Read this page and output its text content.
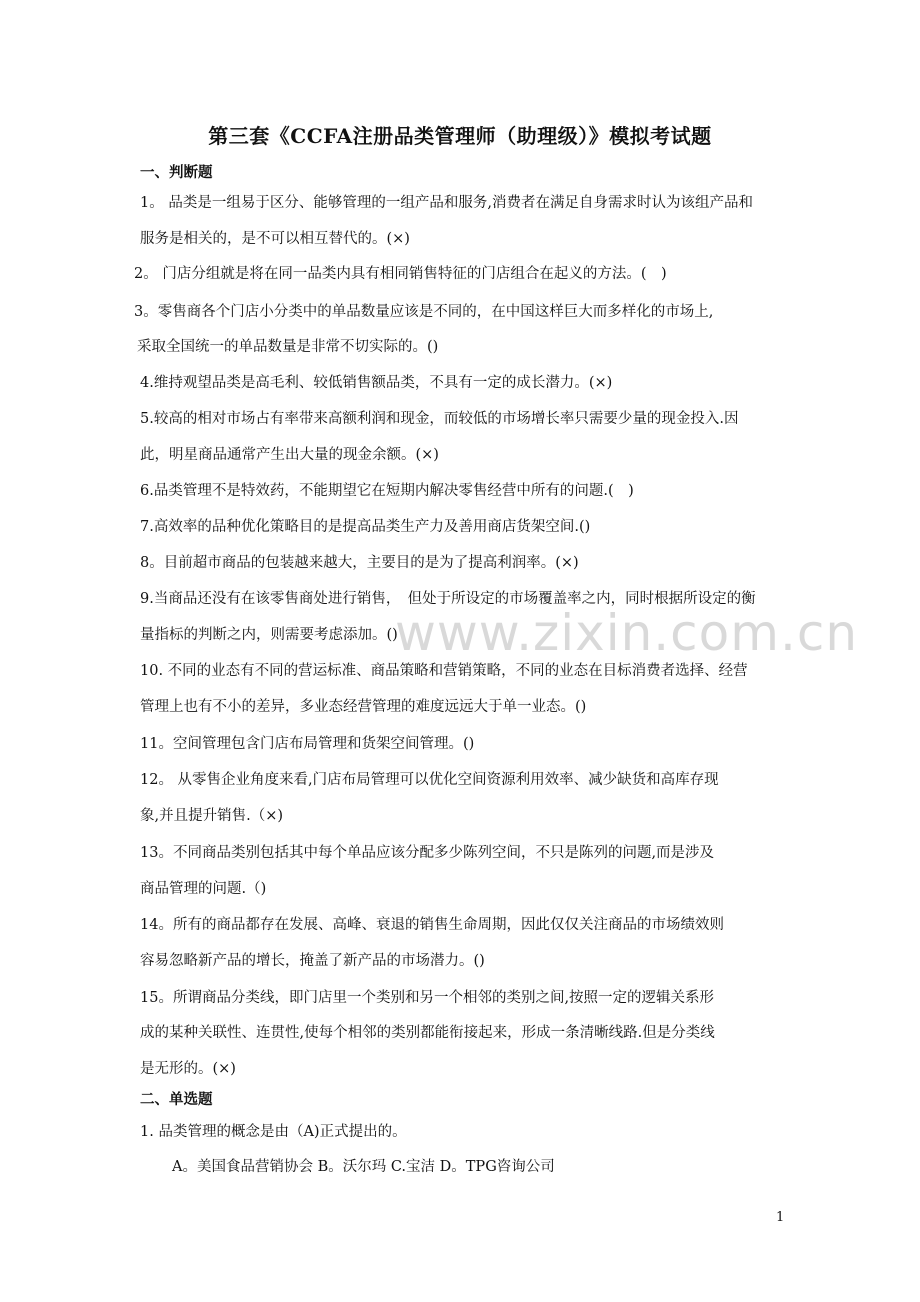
第三套《CCFA注册品类管理师（助理级）》模拟考试题
一、判断题
1。 品类是一组易于区分、能够管理的一组产品和服务,消费者在满足自身需求时认为该组产品和
服务是相关的，是不可以相互替代的。(×)
2。 门店分组就是将在同一品类内具有相同销售特征的门店组合在起义的方法。(　)
3。零售商各个门店小分类中的单品数量应该是不同的，在中国这样巨大而多样化的市场上,
采取全国统一的单品数量是非常不切实际的。()
4.维持观望品类是高毛利、较低销售额品类，不具有一定的成长潜力。(×)
5.较高的相对市场占有率带来高额利润和现金，而较低的市场增长率只需要少量的现金投入.因
此，明星商品通常产生出大量的现金余额。(×)
6.品类管理不是特效药，不能期望它在短期内解决零售经营中所有的问题.(　)
7.高效率的品种优化策略目的是提高品类生产力及善用商店货架空间.()
8。目前超市商品的包装越来越大，主要目的是为了提高利润率。(×)
9.当商品还没有在该零售商处进行销售，　但处于所设定的市场覆盖率之内，同时根据所设定的衡
量指标的判断之内，则需要考虑添加。()
10. 不同的业态有不同的营运标准、商品策略和营销策略，不同的业态在目标消费者选择、经营
管理上也有不小的差异，多业态经营管理的难度远远大于单一业态。()
11。空间管理包含门店布局管理和货架空间管理。()
12。 从零售企业角度来看,门店布局管理可以优化空间资源利用效率、减少缺货和高库存现
象,并且提升销售.（×)
13。不同商品类别包括其中每个单品应该分配多少陈列空间，不只是陈列的问题,而是涉及
商品管理的问题.（)
14。所有的商品都存在发展、高峰、衰退的销售生命周期，因此仅仅关注商品的市场绩效则
容易忽略新产品的增长，掩盖了新产品的市场潜力。()
15。所谓商品分类线，即门店里一个类别和另一个相邻的类别之间,按照一定的逻辑关系形
成的某种关联性、连贯性,使每个相邻的类别都能衔接起来，形成一条清晰线路.但是分类线
是无形的。(×)
二、单选题
1. 品类管理的概念是由（A)正式提出的。
A。美国食品营销协会 B。沃尔玛 C.宝洁 D。TPG咨询公司
www.zixin.com.cn
1
